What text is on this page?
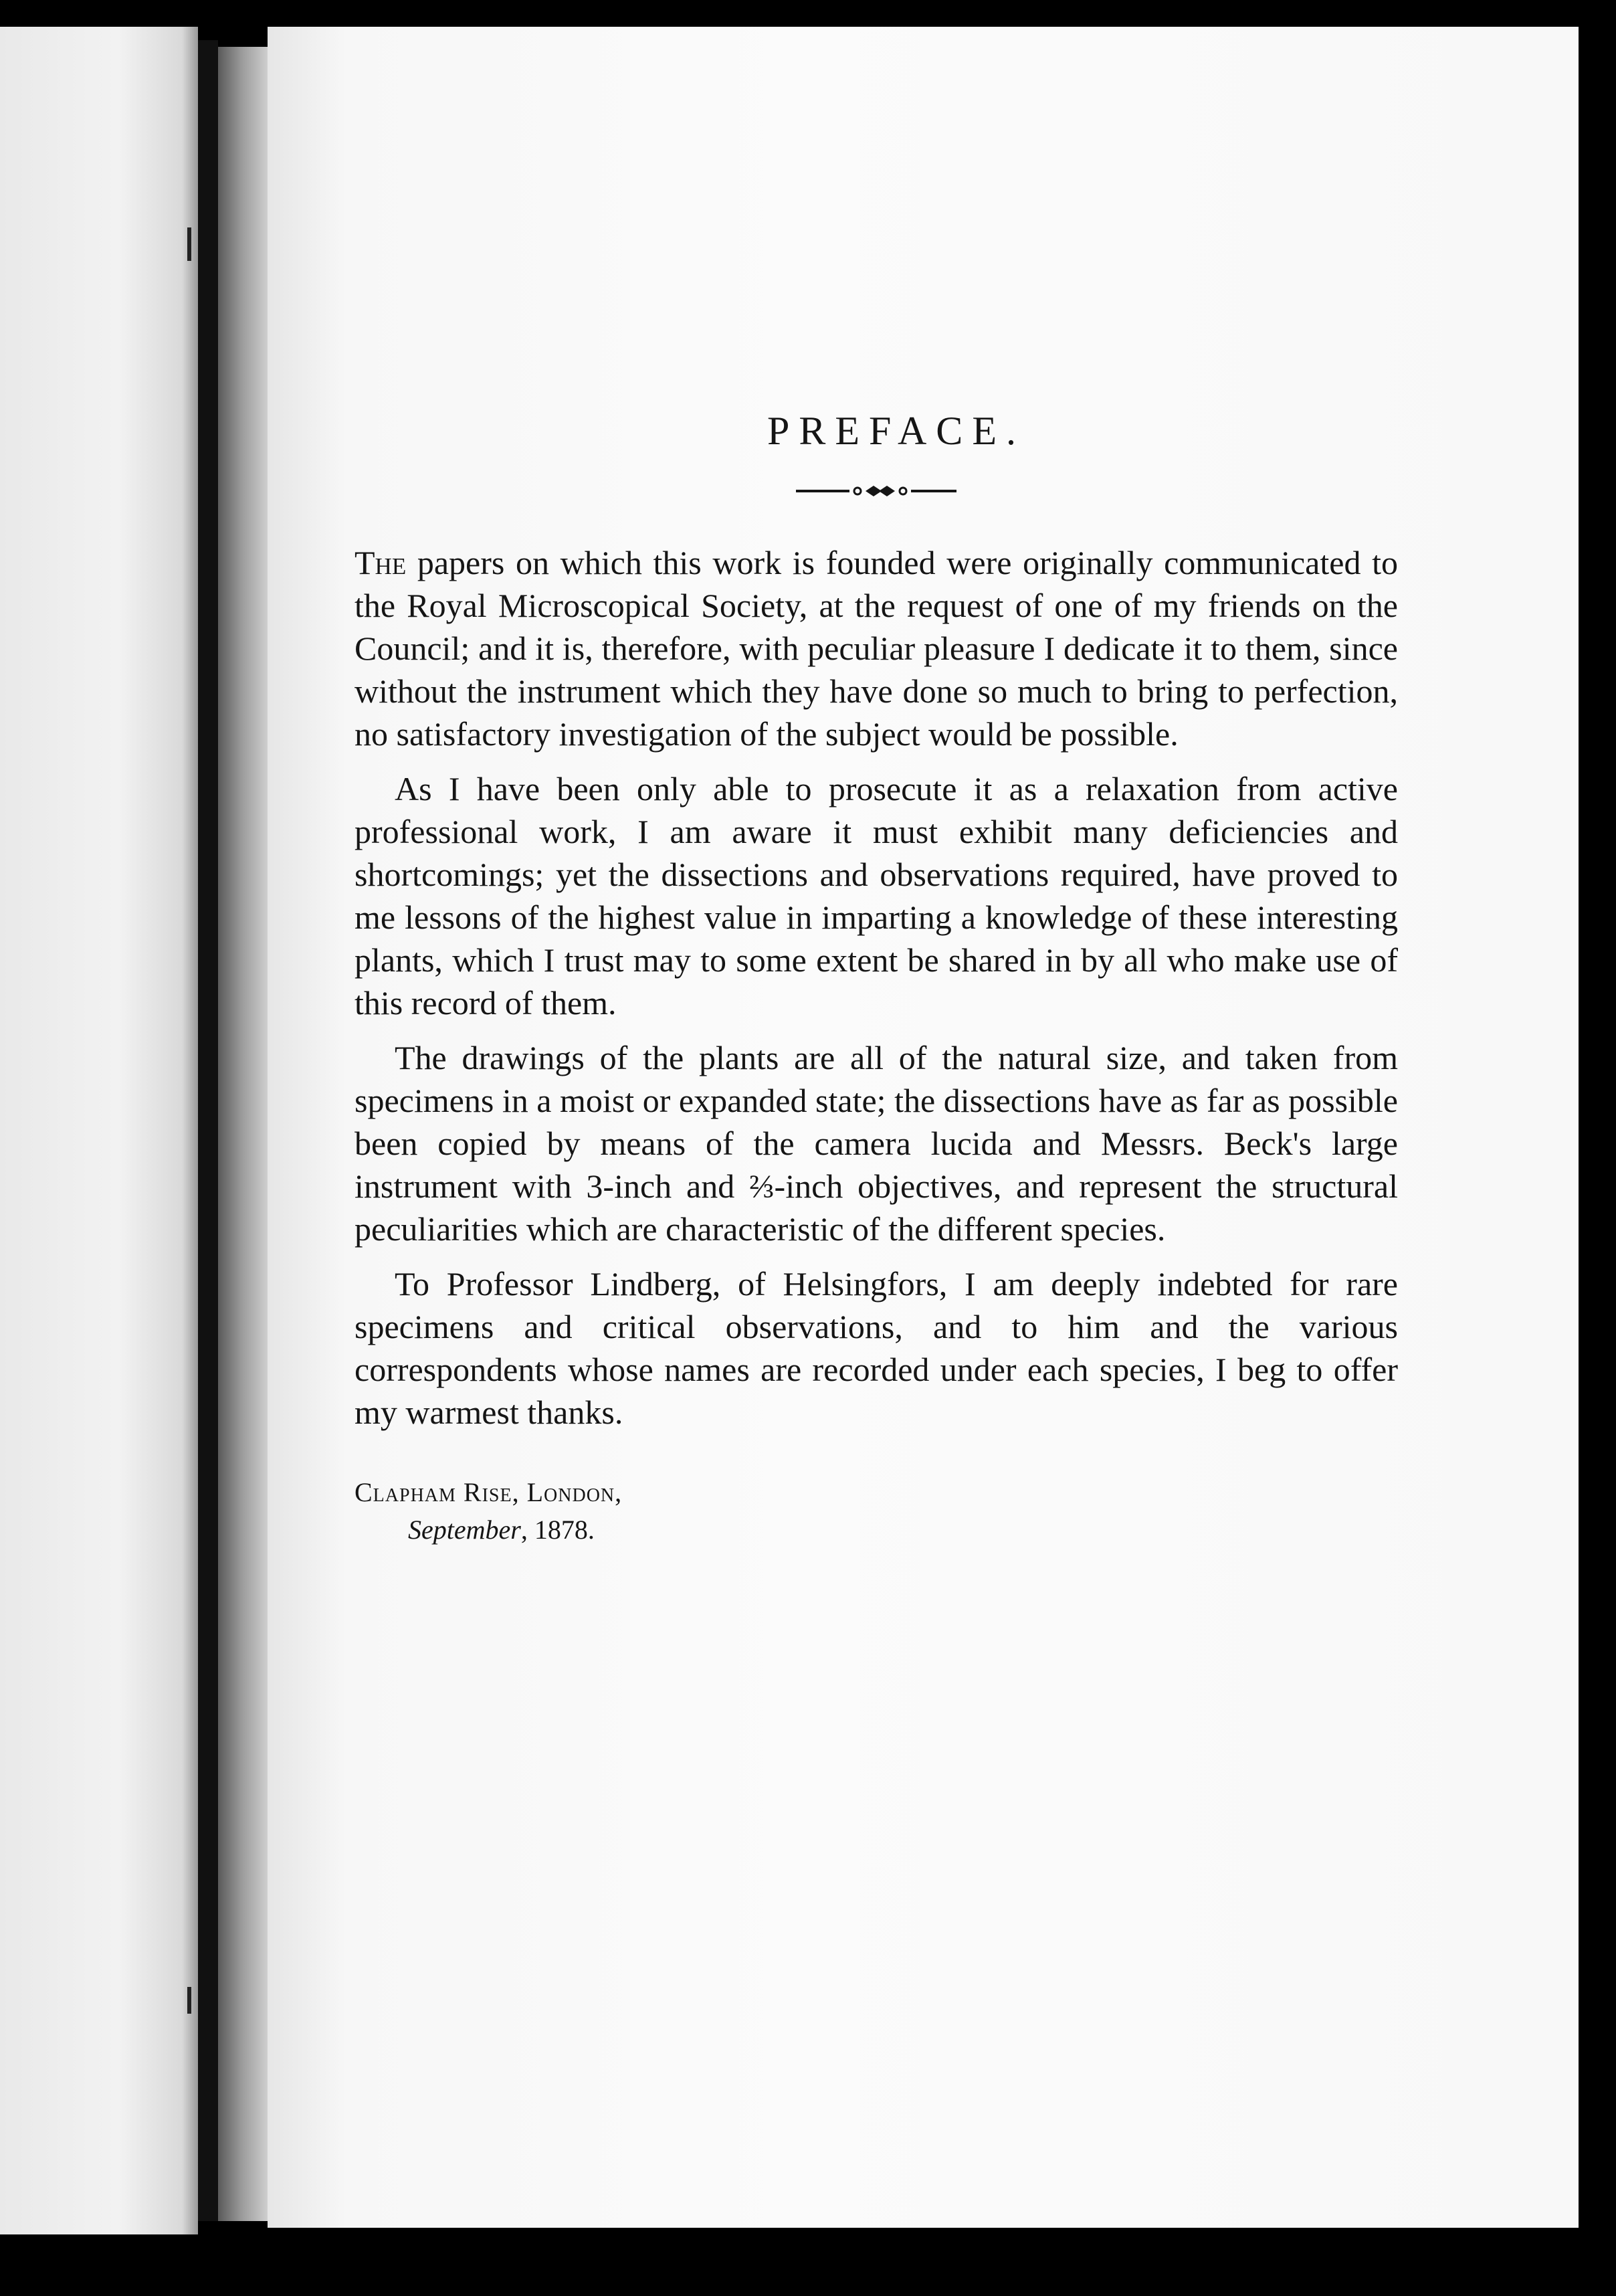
PREFACE.

The papers on which this work is founded were originally communicated to the Royal Microscopical Society, at the request of one of my friends on the Council; and it is, therefore, with peculiar pleasure I dedicate it to them, since without the instrument which they have done so much to bring to perfection, no satisfactory investigation of the subject would be possible.

As I have been only able to prosecute it as a relaxation from active professional work, I am aware it must exhibit many deficiencies and shortcomings; yet the dissections and observations required, have proved to me lessons of the highest value in imparting a knowledge of these interesting plants, which I trust may to some extent be shared in by all who make use of this record of them.

The drawings of the plants are all of the natural size, and taken from specimens in a moist or expanded state; the dissections have as far as possible been copied by means of the camera lucida and Messrs. Beck's large instrument with 3-inch and ⅔-inch objectives, and represent the structural peculiarities which are characteristic of the different species.

To Professor Lindberg, of Helsingfors, I am deeply indebted for rare specimens and critical observations, and to him and the various correspondents whose names are recorded under each species, I beg to offer my warmest thanks.

Clapham Rise, London,
September, 1878.
